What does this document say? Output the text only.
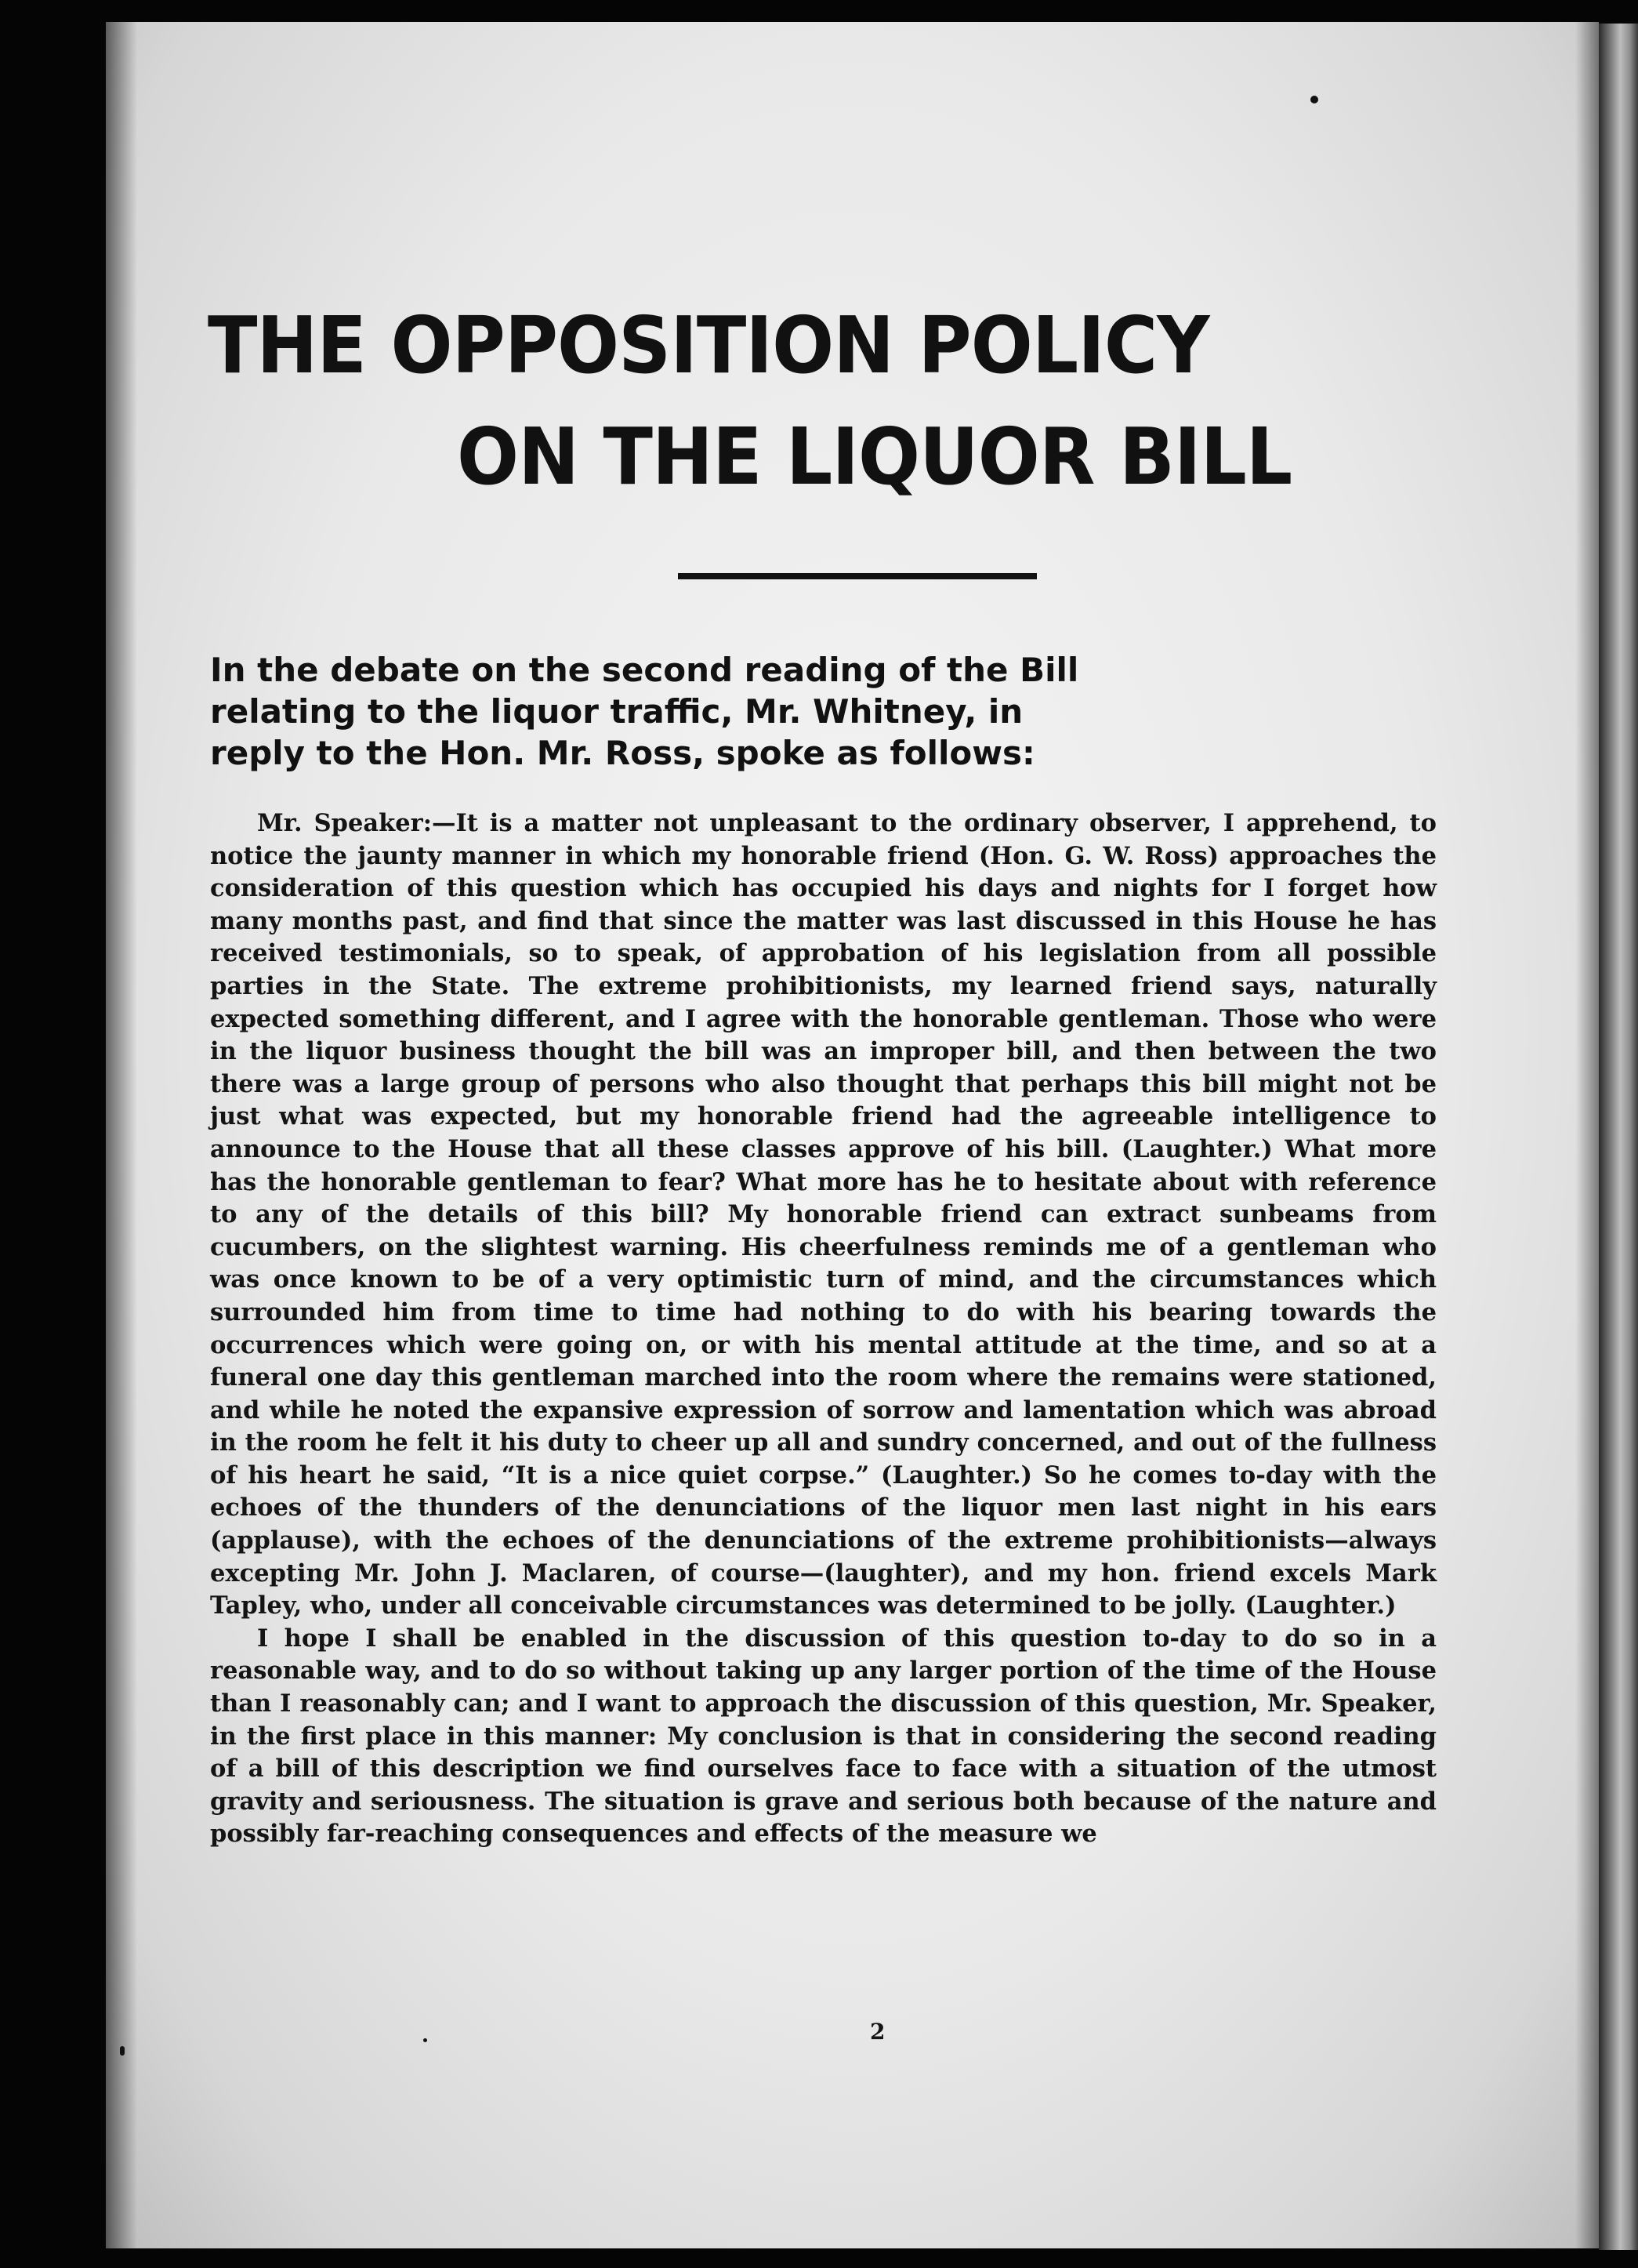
THE OPPOSITION POLICY
ON THE LIQUOR BILL
In the debate on the second reading of the Bill
relating to the liquor traffic, Mr. Whitney, in
reply to the Hon. Mr. Ross, spoke as follows:

Mr. Speaker:—It is a matter not unpleasant to the ordinary observer, I apprehend, to notice the jaunty manner in which my honorable friend (Hon. G. W. Ross) approaches the consideration of this question which has occupied his days and nights for I forget how many months past, and find that since the matter was last discussed in this House he has received testimonials, so to speak, of approbation of his legislation from all possible parties in the State. The extreme prohibitionists, my learned friend says, naturally expected something different, and I agree with the honorable gentleman. Those who were in the liquor business thought the bill was an improper bill, and then between the two there was a large group of persons who also thought that perhaps this bill might not be just what was expected, but my honorable friend had the agreeable intelligence to announce to the House that all these classes approve of his bill. (Laughter.) What more has the honorable gentleman to fear? What more has he to hesitate about with reference to any of the details of this bill? My honorable friend can extract sunbeams from cucumbers, on the slightest warning. His cheerfulness reminds me of a gentleman who was once known to be of a very optimistic turn of mind, and the circumstances which surrounded him from time to time had nothing to do with his bearing towards the occurrences which were going on, or with his mental attitude at the time, and so at a funeral one day this gentleman marched into the room where the remains were stationed, and while he noted the expansive expression of sorrow and lamentation which was abroad in the room he felt it his duty to cheer up all and sundry concerned, and out of the fullness of his heart he said, “It is a nice quiet corpse.” (Laughter.) So he comes to-day with the echoes of the thunders of the denunciations of the liquor men last night in his ears (applause), with the echoes of the denunciations of the extreme prohibitionists—always excepting Mr. John J. Maclaren, of course—(laughter), and my hon. friend excels Mark Tapley, who, under all conceivable circumstances was determined to be jolly. (Laughter.)

I hope I shall be enabled in the discussion of this question to-day to do so in a reasonable way, and to do so without taking up any larger portion of the time of the House than I reasonably can; and I want to approach the discussion of this question, Mr. Speaker, in the first place in this manner: My conclusion is that in considering the second reading of a bill of this description we find ourselves face to face with a situation of the utmost gravity and seriousness. The situation is grave and serious both because of the nature and possibly far-reaching consequences and effects of the measure we

2
